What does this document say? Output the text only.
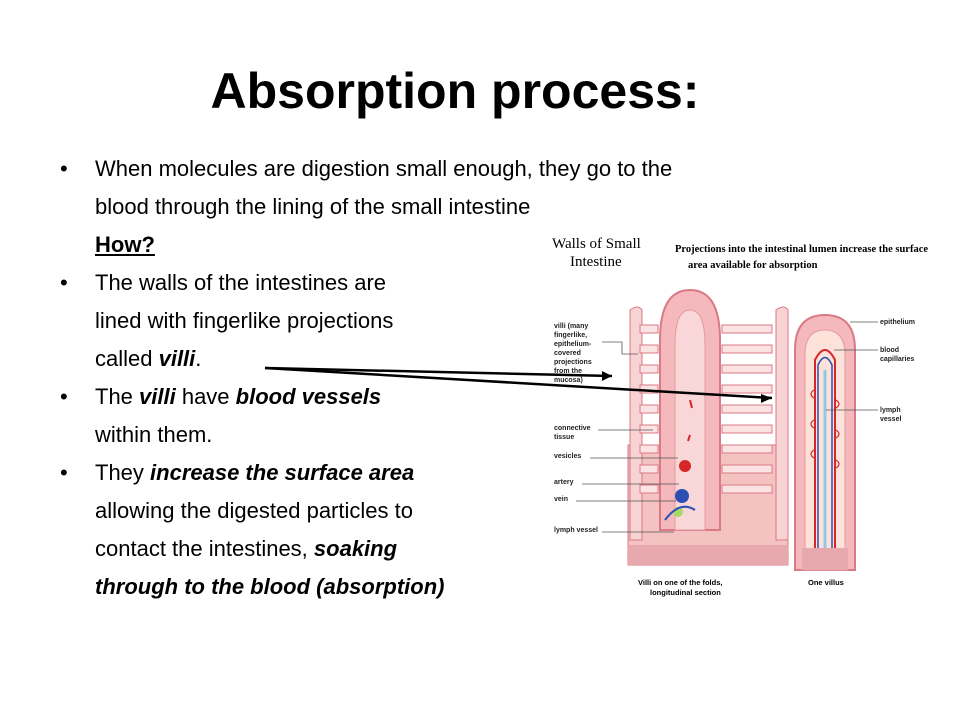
Absorption process:
• When molecules are digestion small enough, they go to the
blood through the lining of the small intestine
How?
• The walls of the intestines are
lined with fingerlike projections
called villi.
• The villi have blood vessels
within them.
• They increase the surface area
allowing the digested particles to
contact the intestines, soaking
through to the blood (absorption)
Walls of Small
Intestine
Projections into the intestinal lumen increase the surface
area available for absorption
villi (many
fingerlike,
epithelium-
covered
projections
from the
mucosa)
connective
tissue
vesicles
artery
vein
lymph vessel
epithelium
blood
capillaries
lymph
vessel
Villi on one of the folds,
longitudinal section
One villus
